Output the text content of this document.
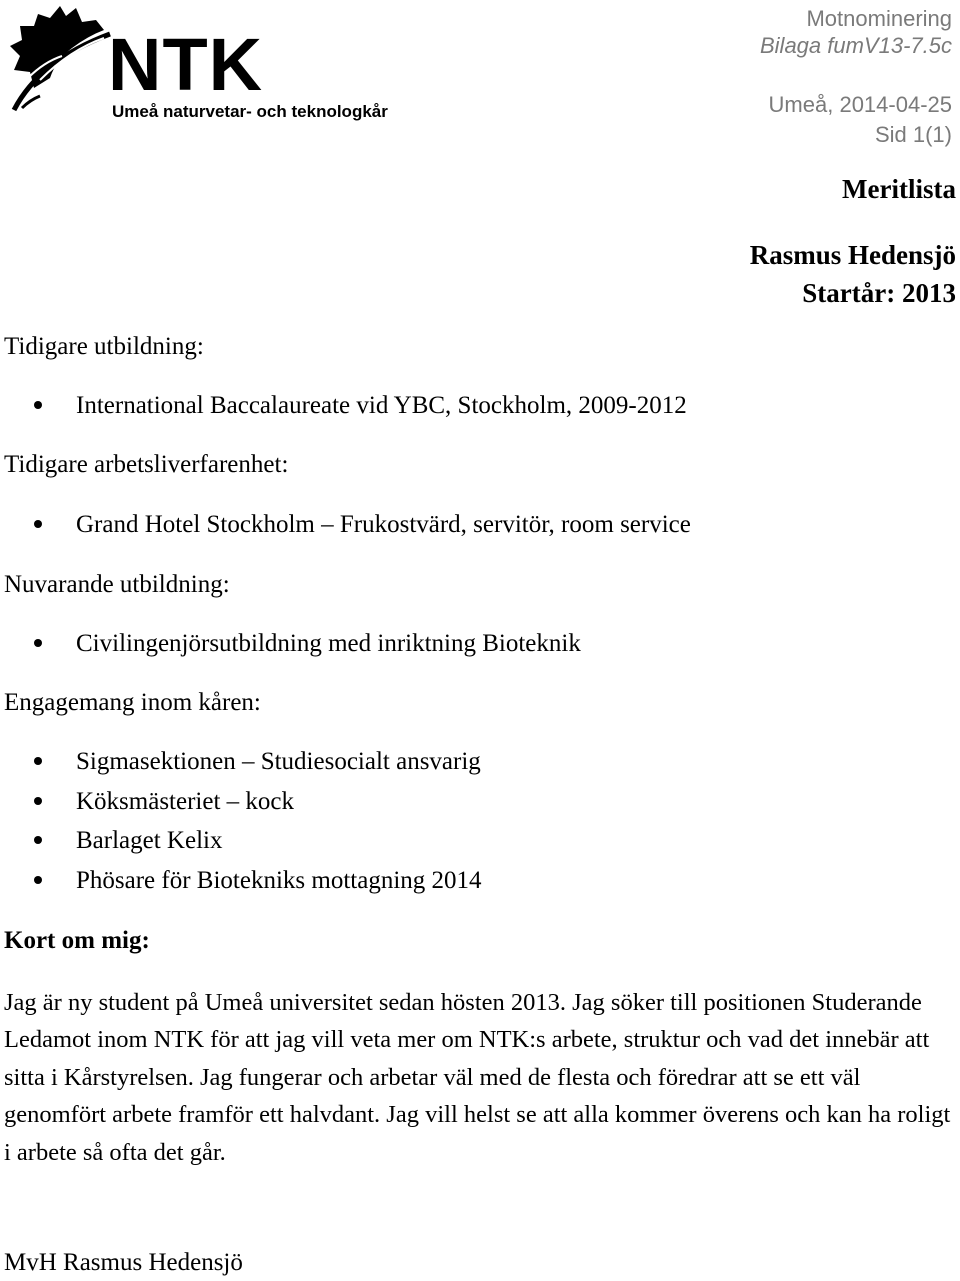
NTK
Umeå naturvetar- och teknologkår
Motnominering
Bilaga fumV13-7.5c
Umeå, 2014-04-25
Sid 1(1)
Meritlista
Rasmus Hedensjö
Startår: 2013
Tidigare utbildning:
International Baccalaureate vid YBC, Stockholm, 2009-2012
Tidigare arbetsliverfarenhet:
Grand Hotel Stockholm – Frukostvärd, servitör, room service
Nuvarande utbildning:
Civilingenjörsutbildning med inriktning Bioteknik
Engagemang inom kåren:
Sigmasektionen – Studiesocialt ansvarig
Köksmästeriet – kock
Barlaget Kelix
Phösare för Biotekniks mottagning 2014
Kort om mig:

Jag är ny student på Umeå universitet sedan hösten 2013. Jag söker till positionen Studerande Ledamot inom NTK för att jag vill veta mer om NTK:s arbete, struktur och vad det innebär att sitta i Kårstyrelsen. Jag fungerar och arbetar väl med de flesta och föredrar att se ett väl genomfört arbete framför ett halvdant. Jag vill helst se att alla kommer överens och kan ha roligt i arbete så ofta det går.

MvH Rasmus Hedensjö
